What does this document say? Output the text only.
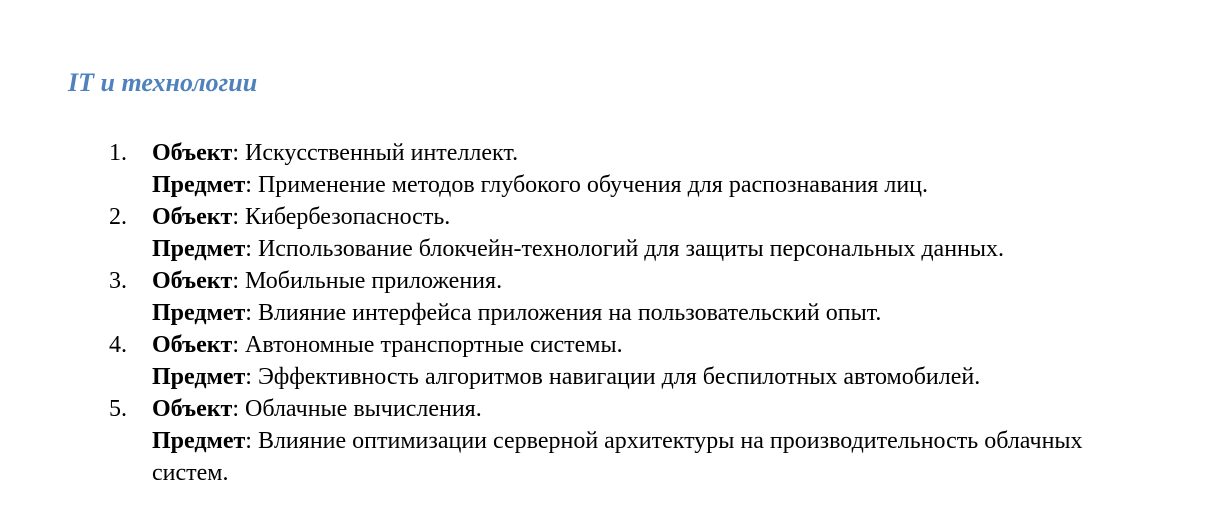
IT и технологии
1. Объект: Искусственный интеллект.
Предмет: Применение методов глубокого обучения для распознавания лиц.
2. Объект: Кибербезопасность.
Предмет: Использование блокчейн-технологий для защиты персональных данных.
3. Объект: Мобильные приложения.
Предмет: Влияние интерфейса приложения на пользовательский опыт.
4. Объект: Автономные транспортные системы.
Предмет: Эффективность алгоритмов навигации для беспилотных автомобилей.
5. Объект: Облачные вычисления.
Предмет: Влияние оптимизации серверной архитектуры на производительность облачных систем.
